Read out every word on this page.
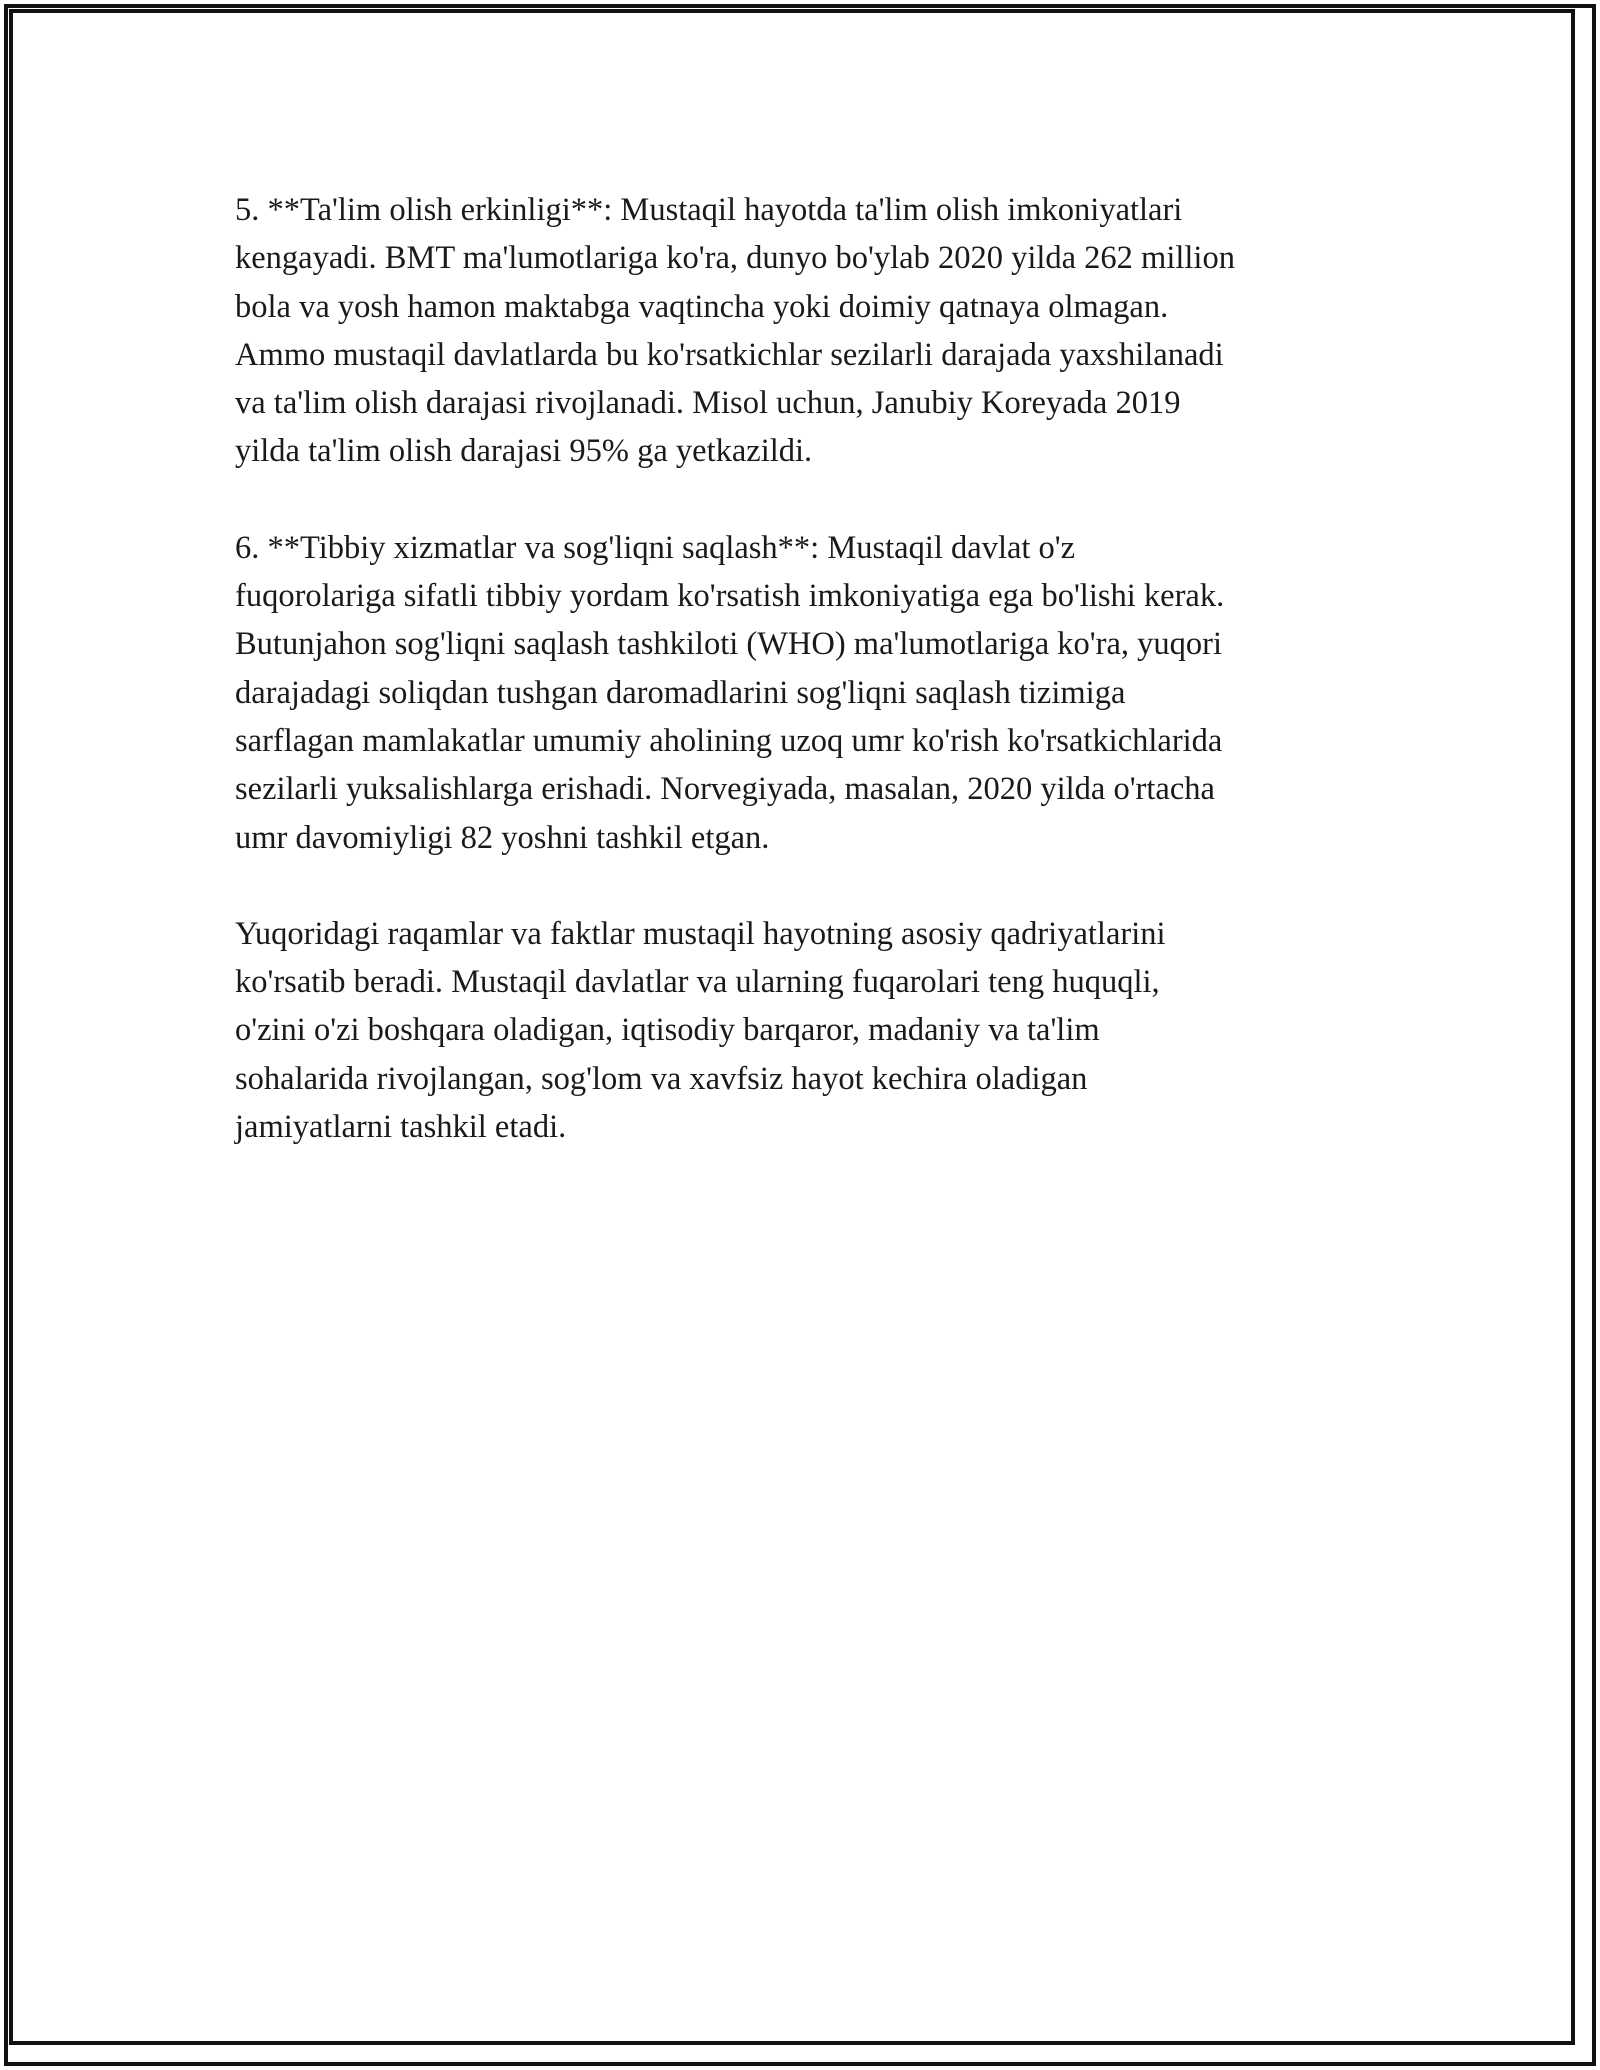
5. **Ta'lim olish erkinligi**: Mustaqil hayotda ta'lim olish imkoniyatlari
kengayadi. BMT ma'lumotlariga ko'ra, dunyo bo'ylab 2020 yilda 262 million
bola va yosh hamon maktabga vaqtincha yoki doimiy qatnaya olmagan.
Ammo mustaqil davlatlarda bu ko'rsatkichlar sezilarli darajada yaxshilanadi
va ta'lim olish darajasi rivojlanadi. Misol uchun, Janubiy Koreyada 2019
yilda ta'lim olish darajasi 95% ga yetkazildi.

6. **Tibbiy xizmatlar va sog'liqni saqlash**: Mustaqil davlat o'z
fuqorolariga sifatli tibbiy yordam ko'rsatish imkoniyatiga ega bo'lishi kerak.
Butunjahon sog'liqni saqlash tashkiloti (WHO) ma'lumotlariga ko'ra, yuqori
darajadagi soliqdan tushgan daromadlarini sog'liqni saqlash tizimiga
sarflagan mamlakatlar umumiy aholining uzoq umr ko'rish ko'rsatkichlarida
sezilarli yuksalishlarga erishadi. Norvegiyada, masalan, 2020 yilda o'rtacha
umr davomiyligi 82 yoshni tashkil etgan.

Yuqoridagi raqamlar va faktlar mustaqil hayotning asosiy qadriyatlarini
ko'rsatib beradi. Mustaqil davlatlar va ularning fuqarolari teng huquqli,
o'zini o'zi boshqara oladigan, iqtisodiy barqaror, madaniy va ta'lim
sohalarida rivojlangan, sog'lom va xavfsiz hayot kechira oladigan
jamiyatlarni tashkil etadi.
